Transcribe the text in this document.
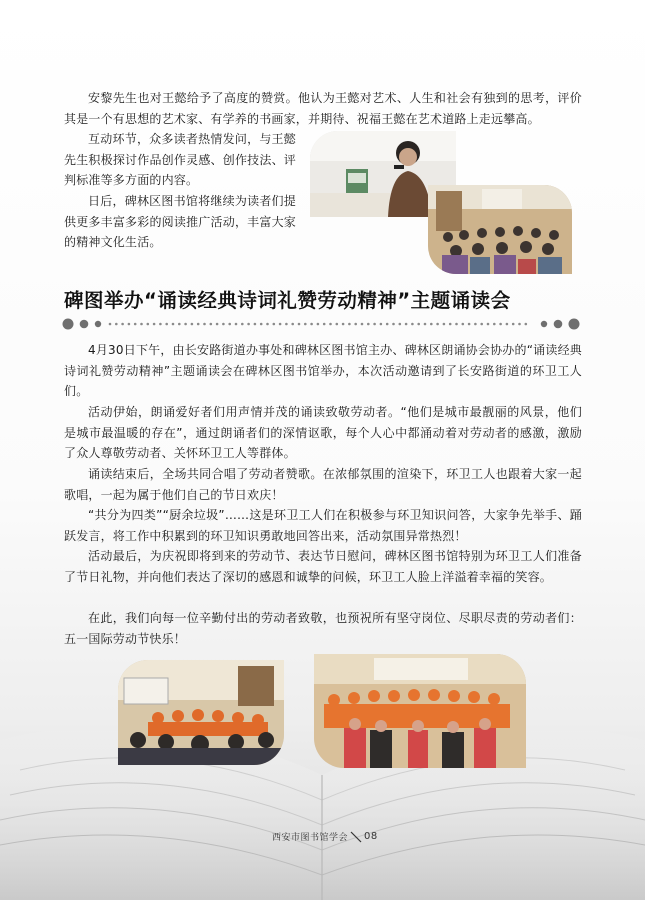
安黎先生也对王懿给予了高度的赞赏。他认为王懿对艺术、人生和社会有独到的思考，评价其是一个有思想的艺术家、有学养的书画家，并期待、祝福王懿在艺术道路上走远攀高。

互动环节，众多读者热情发问，与王懿先生积极探讨作品创作灵感、创作技法、评判标准等多方面的内容。

日后，碑林区图书馆将继续为读者们提供更多丰富多彩的阅读推广活动，丰富大家的精神文化生活。

碑图举办“诵读经典诗词礼赞劳动精神”主题诵读会

4月30日下午，由长安路街道办事处和碑林区图书馆主办、碑林区朗诵协会协办的“诵读经典诗词礼赞劳动精神”主题诵读会在碑林区图书馆举办，本次活动邀请到了长安路街道的环卫工人们。

活动伊始，朗诵爱好者们用声情并茂的诵读致敬劳动者。“他们是城市最靓丽的风景，他们是城市最温暖的存在”，通过朗诵者们的深情讴歌，每个人心中都涌动着对劳动者的感激，激励了众人尊敬劳动者、关怀环卫工人等群体。

诵读结束后，全场共同合唱了劳动者赞歌。在浓郁氛围的渲染下，环卫工人也跟着大家一起歌唱，一起为属于他们自己的节日欢庆！

“共分为四类”“厨余垃圾”……这是环卫工人们在积极参与环卫知识问答，大家争先举手、踊跃发言，将工作中积累到的环卫知识勇敢地回答出来，活动氛围异常热烈！

活动最后，为庆祝即将到来的劳动节、表达节日慰问，碑林区图书馆特别为环卫工人们准备了节日礼物，并向他们表达了深切的感恩和诚挚的问候，环卫工人脸上洋溢着幸福的笑容。

在此，我们向每一位辛勤付出的劳动者致敬，也预祝所有坚守岗位、尽职尽责的劳动者们：五一国际劳动节快乐！

西安市图书馆学会 08
